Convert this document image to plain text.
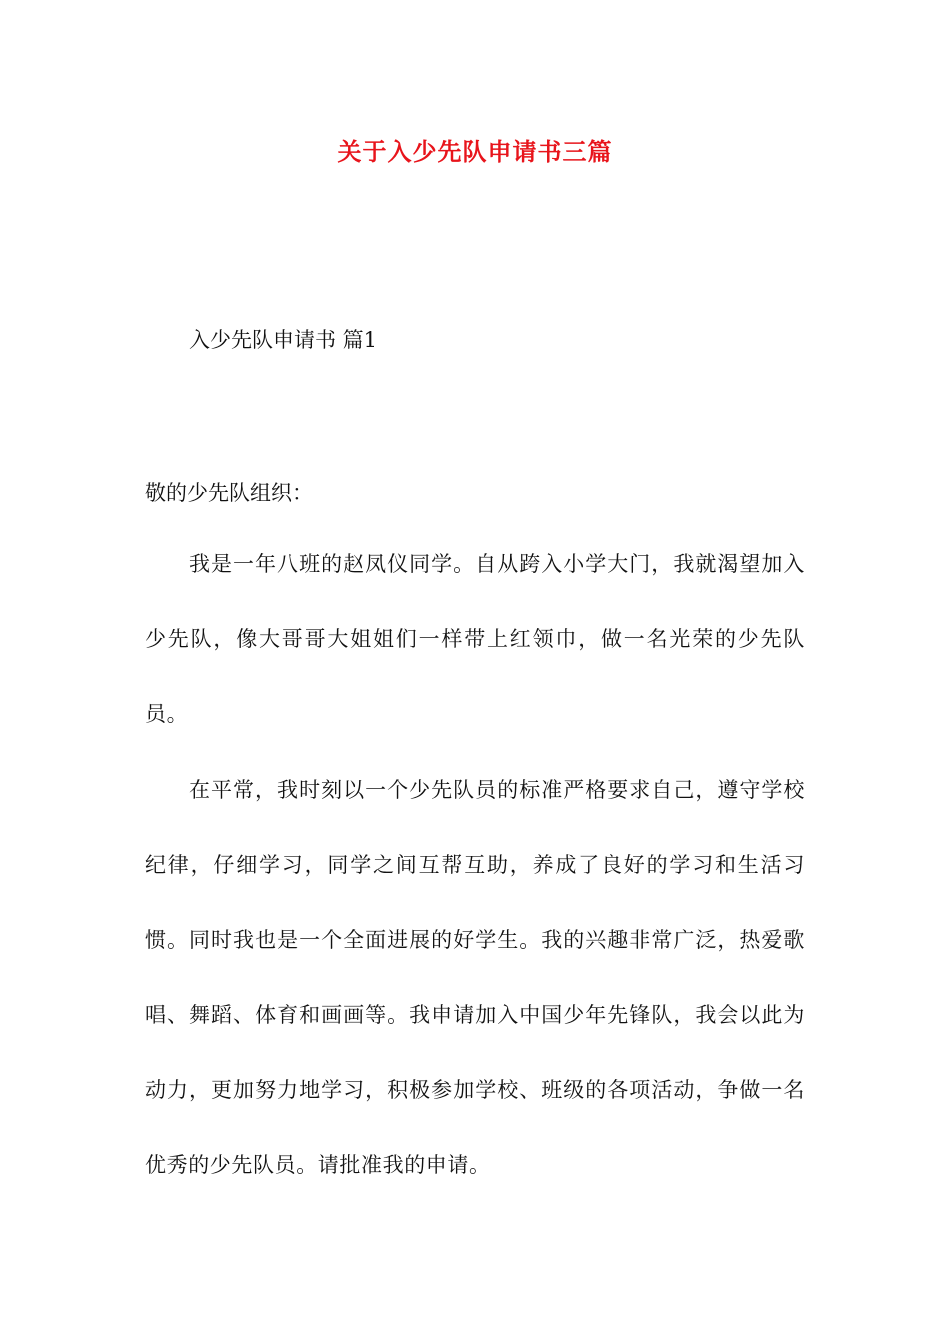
关于入少先队申请书三篇

入少先队申请书 篇1

敬的少先队组织：

我是一年八班的赵凤仪同学。自从跨入小学大门，我就渴望加入少先队，像大哥哥大姐姐们一样带上红领巾，做一名光荣的少先队员。

在平常，我时刻以一个少先队员的标准严格要求自己，遵守学校纪律，仔细学习，同学之间互帮互助，养成了良好的学习和生活习惯。同时我也是一个全面进展的好学生。我的兴趣非常广泛，热爱歌唱、舞蹈、体育和画画等。我申请加入中国少年先锋队，我会以此为动力，更加努力地学习，积极参加学校、班级的各项活动，争做一名优秀的少先队员。请批准我的申请。
